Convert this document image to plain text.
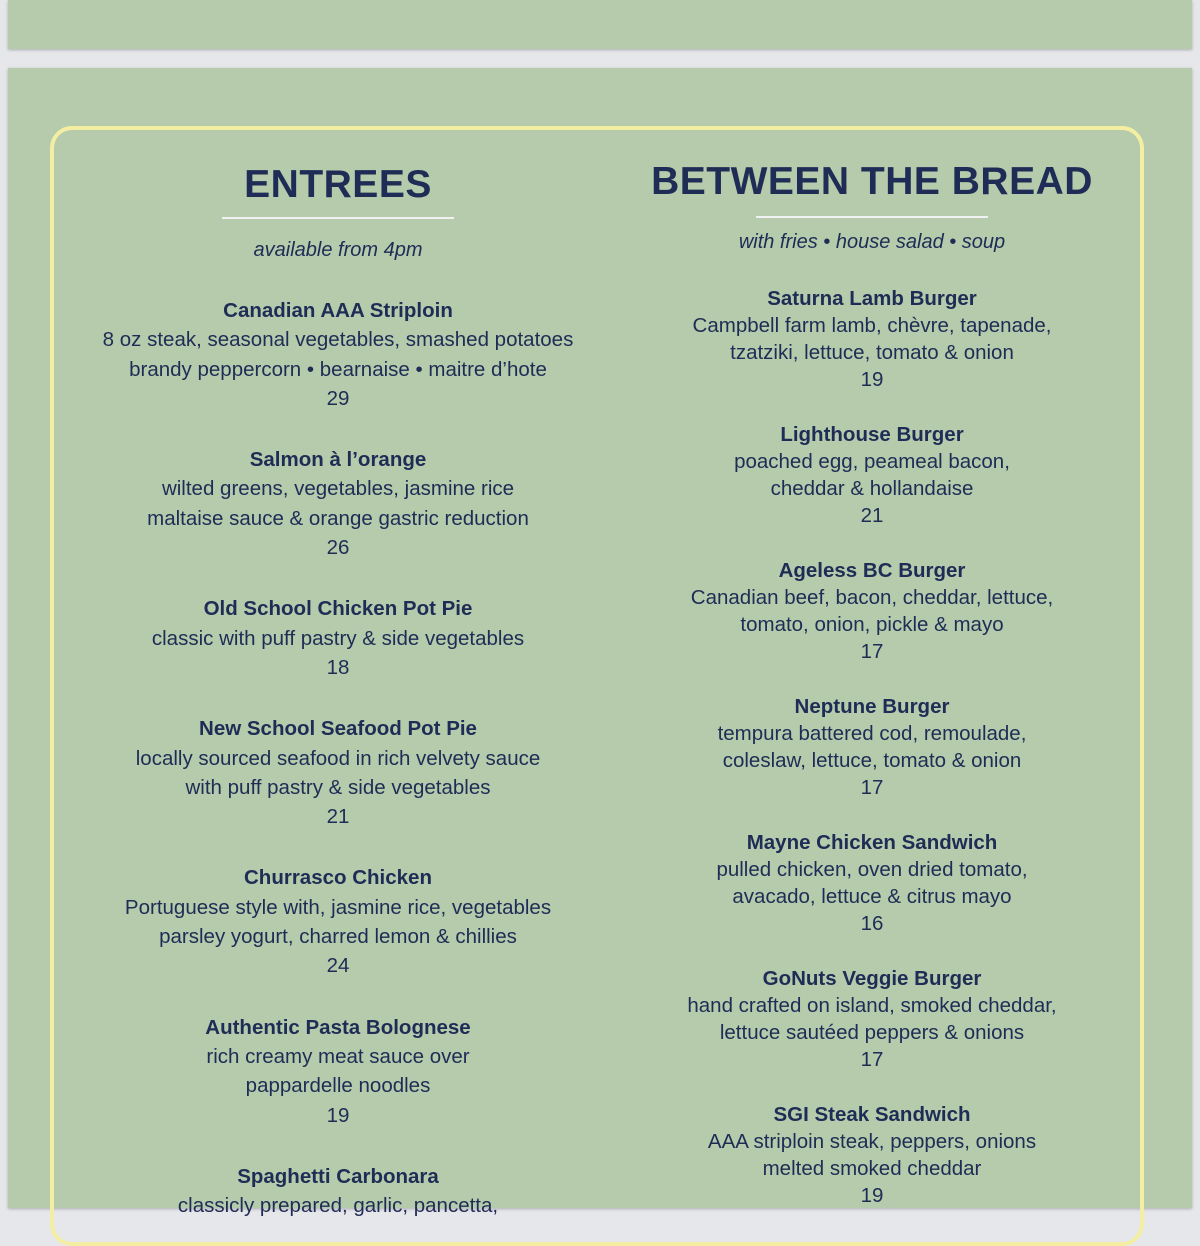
ENTREES
available from 4pm
Canadian AAA Striploin
8 oz steak, seasonal vegetables, smashed potatoes
brandy peppercorn • bearnaise • maitre d’hote
29
Salmon à l’orange
wilted greens, vegetables, jasmine rice
maltaise sauce & orange gastric reduction
26
Old School Chicken Pot Pie
classic with puff pastry & side vegetables
18
New School Seafood Pot Pie
locally sourced seafood in rich velvety sauce
with puff pastry & side vegetables
21
Churrasco Chicken
Portuguese style with, jasmine rice, vegetables
parsley yogurt, charred lemon & chillies
24
Authentic Pasta Bolognese
rich creamy meat sauce over
pappardelle noodles
19
Spaghetti Carbonara
classicly prepared, garlic, pancetta,
BETWEEN THE BREAD
with fries • house salad • soup
Saturna Lamb Burger
Campbell farm lamb, chèvre, tapenade,
tzatziki, lettuce, tomato & onion
19
Lighthouse Burger
poached egg, peameal bacon,
cheddar & hollandaise
21
Ageless BC Burger
Canadian beef, bacon, cheddar, lettuce,
tomato, onion, pickle & mayo
17
Neptune Burger
tempura battered cod, remoulade,
coleslaw, lettuce, tomato & onion
17
Mayne Chicken Sandwich
pulled chicken, oven dried tomato,
avacado, lettuce & citrus mayo
16
GoNuts Veggie Burger
hand crafted on island, smoked cheddar,
lettuce sautéed peppers & onions
17
SGI Steak Sandwich
AAA striploin steak, peppers, onions
melted smoked cheddar
19
